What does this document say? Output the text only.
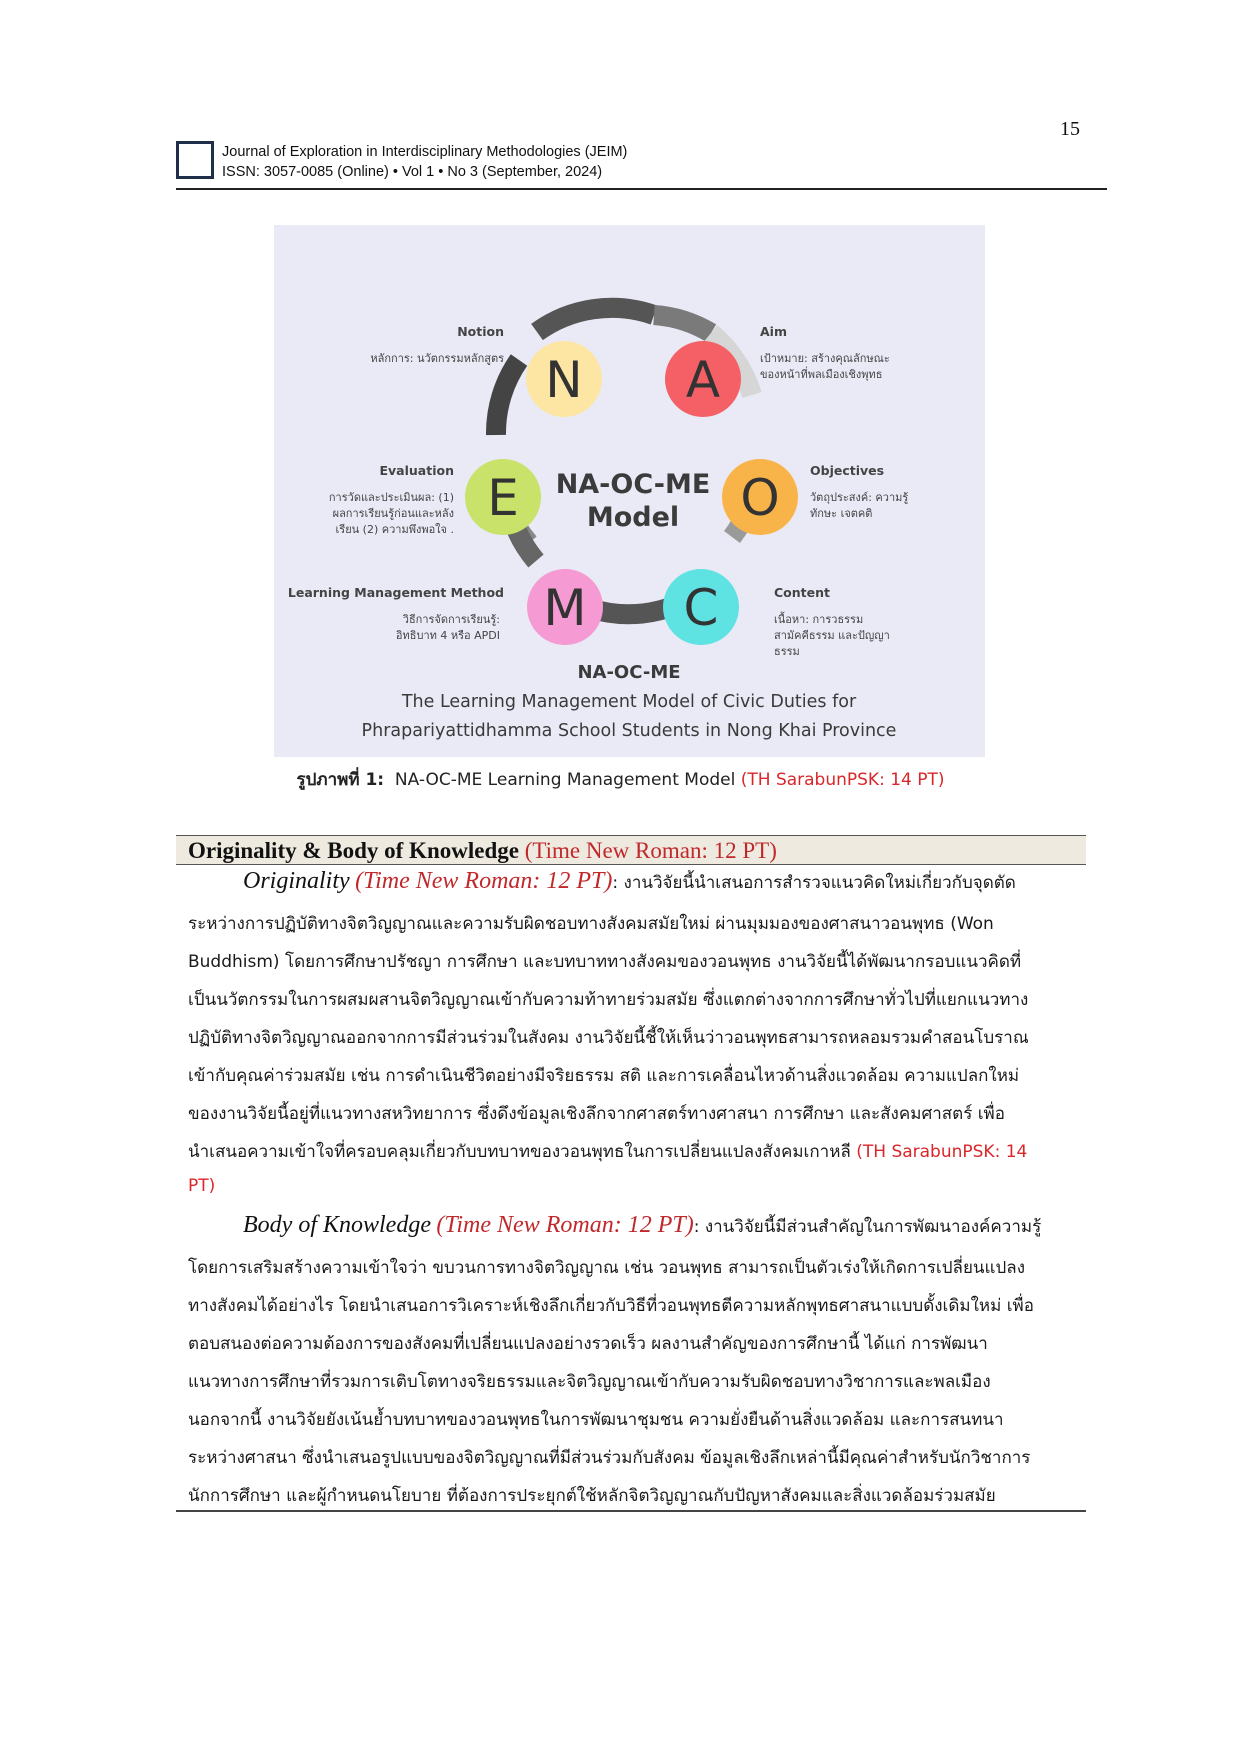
15
Journal of Exploration in Interdisciplinary Methodologies (JEIM)
ISSN: 3057-0085 (Online) • Vol 1 • No 3 (September, 2024)
NA-OC-ME
Model
N A
O
C
M
E
Notion
หลักการ: นวัตกรรมหลักสูตร
Aim
เป้าหมาย: สร้างคุณลักษณะ
ของหน้าที่พลเมืองเชิงพุทธ
Objectives
วัตถุประสงค์: ความรู้
ทักษะ เจตคติ
Content
เนื้อหา: การวธรรม
สามัคคีธรรม และปัญญา
ธรรม
Learning Management Method
วิธีการจัดการเรียนรู้:
อิทธิบาท 4 หรือ APDI
Evaluation
การวัดและประเมินผล: (1)
ผลการเรียนรู้ก่อนและหลัง
เรียน (2) ความพึงพอใจ .
NA-OC-ME
The Learning Management Model of Civic Duties for
Phrapariyattidhamma School Students in Nong Khai Province
รูปภาพที่ 1: NA-OC-ME Learning Management Model (TH SarabunPSK: 14 PT)
Originality & Body of Knowledge (Time New Roman: 12 PT)
Originality (Time New Roman: 12 PT): งานวิจัยนี้นำเสนอการสำรวจแนวคิดใหม่เกี่ยวกับจุดตัด
ระหว่างการปฏิบัติทางจิตวิญญาณและความรับผิดชอบทางสังคมสมัยใหม่ ผ่านมุมมองของศาสนาวอนพุทธ (Won
Buddhism) โดยการศึกษาปรัชญา การศึกษา และบทบาททางสังคมของวอนพุทธ งานวิจัยนี้ได้พัฒนากรอบแนวคิดที่
เป็นนวัตกรรมในการผสมผสานจิตวิญญาณเข้ากับความท้าทายร่วมสมัย ซึ่งแตกต่างจากการศึกษาทั่วไปที่แยกแนวทาง
ปฏิบัติทางจิตวิญญาณออกจากการมีส่วนร่วมในสังคม งานวิจัยนี้ชี้ให้เห็นว่าวอนพุทธสามารถหลอมรวมคำสอนโบราณ
เข้ากับคุณค่าร่วมสมัย เช่น การดำเนินชีวิตอย่างมีจริยธรรม สติ และการเคลื่อนไหวด้านสิ่งแวดล้อม ความแปลกใหม่
ของงานวิจัยนี้อยู่ที่แนวทางสหวิทยาการ ซึ่งดึงข้อมูลเชิงลึกจากศาสตร์ทางศาสนา การศึกษา และสังคมศาสตร์ เพื่อ
นำเสนอความเข้าใจที่ครอบคลุมเกี่ยวกับบทบาทของวอนพุทธในการเปลี่ยนแปลงสังคมเกาหลี (TH SarabunPSK: 14
PT)
Body of Knowledge (Time New Roman: 12 PT): งานวิจัยนี้มีส่วนสำคัญในการพัฒนาองค์ความรู้
โดยการเสริมสร้างความเข้าใจว่า ขบวนการทางจิตวิญญาณ เช่น วอนพุทธ สามารถเป็นตัวเร่งให้เกิดการเปลี่ยนแปลง
ทางสังคมได้อย่างไร โดยนำเสนอการวิเคราะห์เชิงลึกเกี่ยวกับวิธีที่วอนพุทธตีความหลักพุทธศาสนาแบบดั้งเดิมใหม่ เพื่อ
ตอบสนองต่อความต้องการของสังคมที่เปลี่ยนแปลงอย่างรวดเร็ว ผลงานสำคัญของการศึกษานี้ ได้แก่ การพัฒนา
แนวทางการศึกษาที่รวมการเติบโตทางจริยธรรมและจิตวิญญาณเข้ากับความรับผิดชอบทางวิชาการและพลเมือง
นอกจากนี้ งานวิจัยยังเน้นย้ำบทบาทของวอนพุทธในการพัฒนาชุมชน ความยั่งยืนด้านสิ่งแวดล้อม และการสนทนา
ระหว่างศาสนา ซึ่งนำเสนอรูปแบบของจิตวิญญาณที่มีส่วนร่วมกับสังคม ข้อมูลเชิงลึกเหล่านี้มีคุณค่าสำหรับนักวิชาการ
นักการศึกษา และผู้กำหนดนโยบาย ที่ต้องการประยุกต์ใช้หลักจิตวิญญาณกับปัญหาสังคมและสิ่งแวดล้อมร่วมสมัย
